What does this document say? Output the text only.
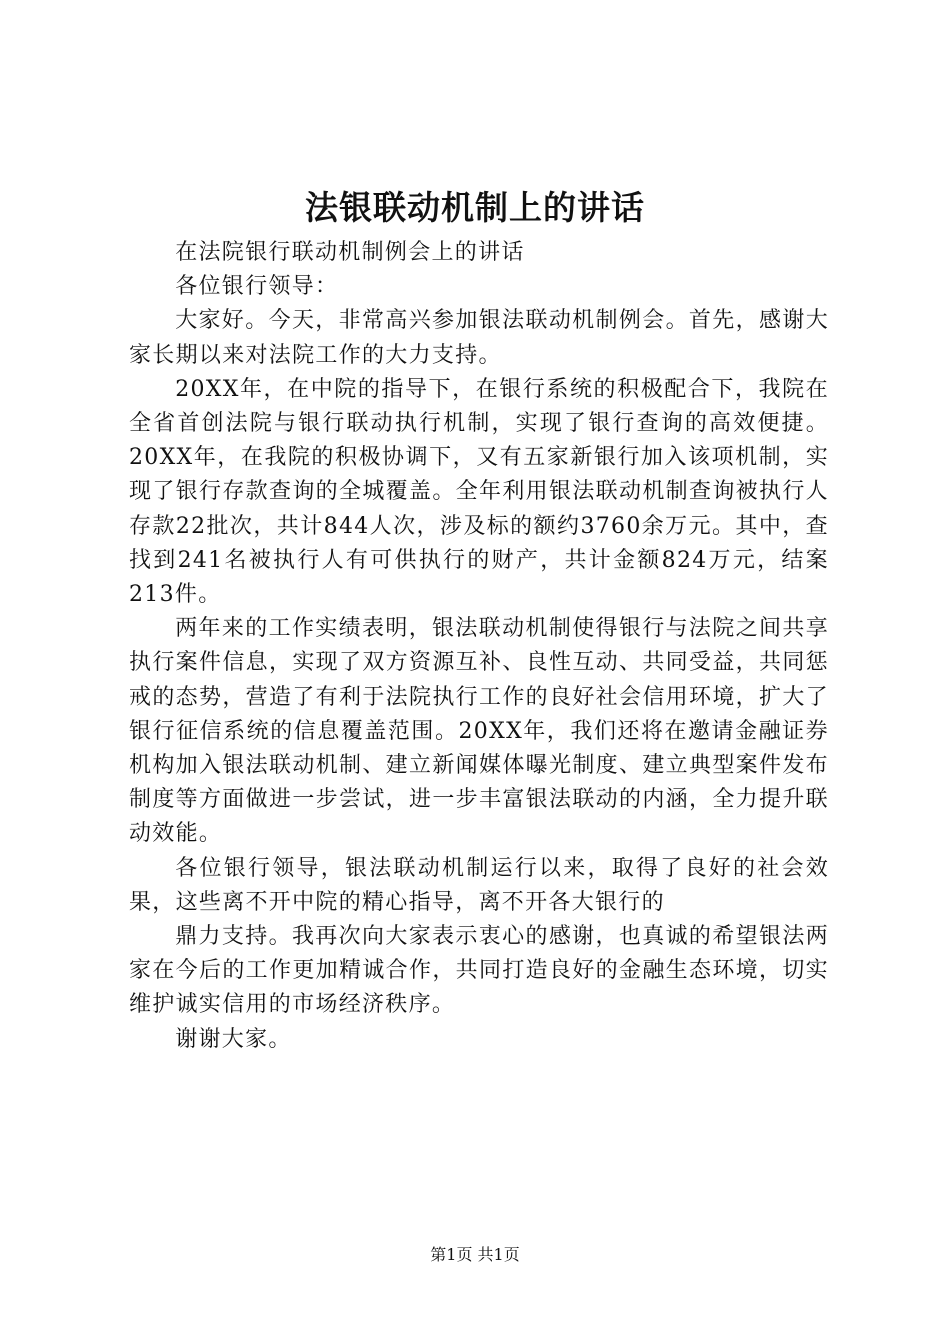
法银联动机制上的讲话

在法院银行联动机制例会上的讲话

各位银行领导：

大家好。今天，非常高兴参加银法联动机制例会。首先，感谢大家长期以来对法院工作的大力支持。

20XX年，在中院的指导下，在银行系统的积极配合下，我院在全省首创法院与银行联动执行机制，实现了银行查询的高效便捷。20XX年，在我院的积极协调下，又有五家新银行加入该项机制，实现了银行存款查询的全城覆盖。全年利用银法联动机制查询被执行人存款22批次，共计844人次，涉及标的额约3760余万元。其中，查找到241名被执行人有可供执行的财产，共计金额824万元，结案213件。

两年来的工作实绩表明，银法联动机制使得银行与法院之间共享执行案件信息，实现了双方资源互补、良性互动、共同受益，共同惩戒的态势，营造了有利于法院执行工作的良好社会信用环境，扩大了银行征信系统的信息覆盖范围。20XX年，我们还将在邀请金融证券机构加入银法联动机制、建立新闻媒体曝光制度、建立典型案件发布制度等方面做进一步尝试，进一步丰富银法联动的内涵，全力提升联动效能。

各位银行领导，银法联动机制运行以来，取得了良好的社会效果，这些离不开中院的精心指导，离不开各大银行的

鼎力支持。我再次向大家表示衷心的感谢，也真诚的希望银法两家在今后的工作更加精诚合作，共同打造良好的金融生态环境，切实维护诚实信用的市场经济秩序。

谢谢大家。

第1页 共1页
